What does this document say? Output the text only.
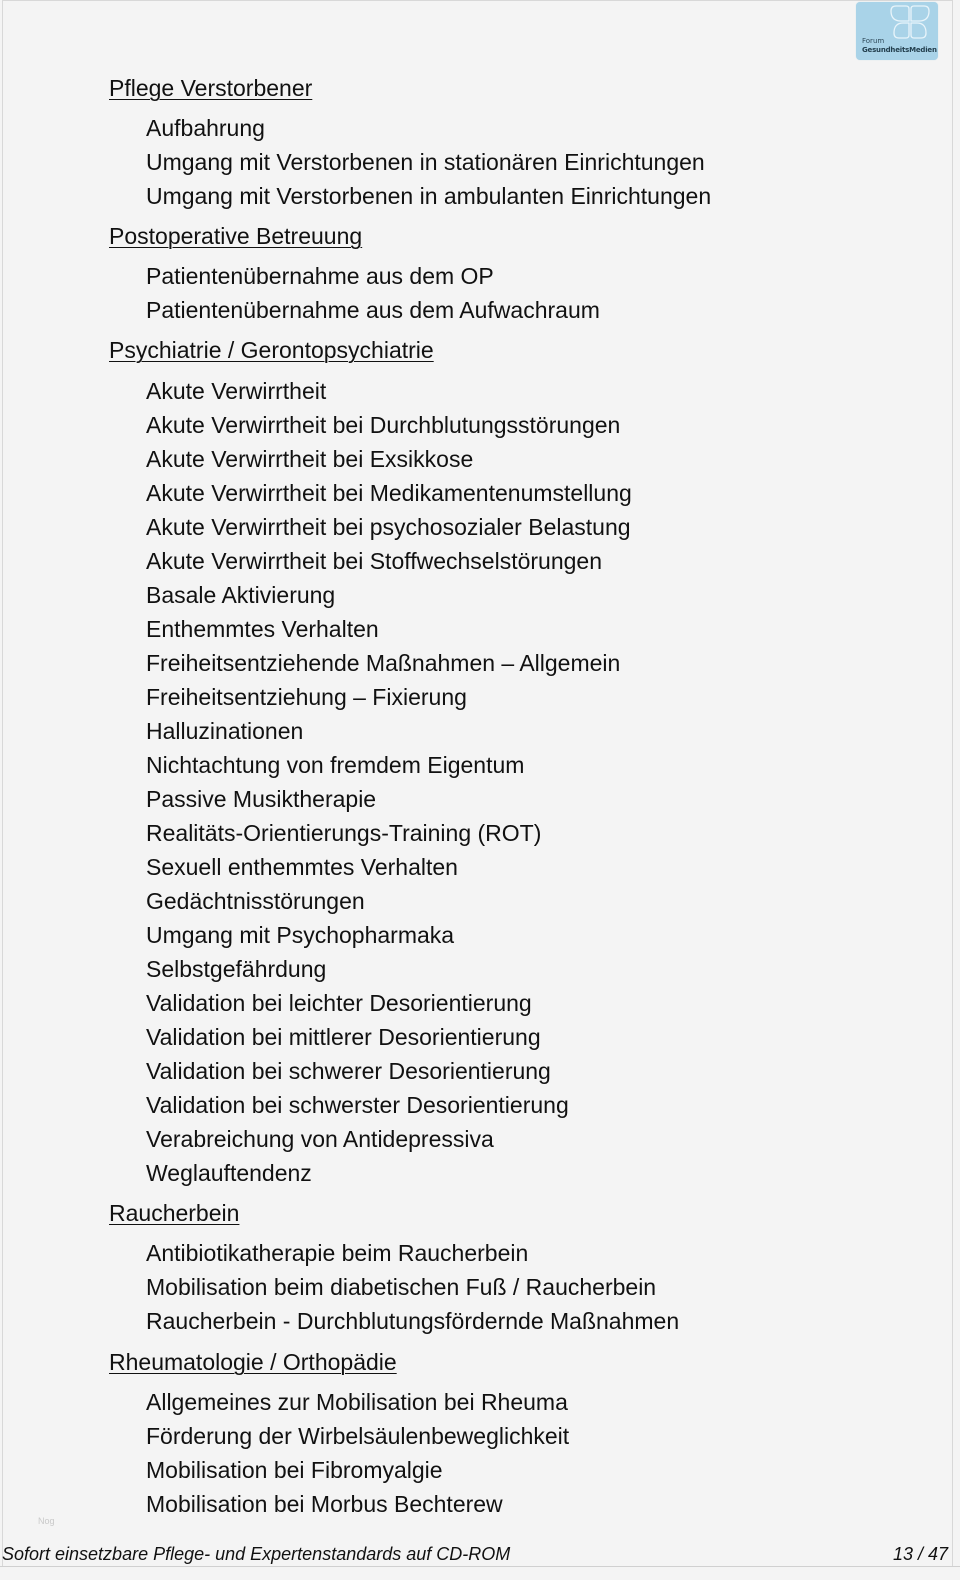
Forum
GesundheitsMedien
Pflege Verstorbener
Aufbahrung
Umgang mit Verstorbenen in stationären Einrichtungen
Umgang mit Verstorbenen in ambulanten Einrichtungen
Postoperative Betreuung
Patientenübernahme aus dem OP
Patientenübernahme aus dem Aufwachraum
Psychiatrie / Gerontopsychiatrie
Akute Verwirrtheit
Akute Verwirrtheit bei Durchblutungsstörungen
Akute Verwirrtheit bei Exsikkose
Akute Verwirrtheit bei Medikamentenumstellung
Akute Verwirrtheit bei psychosozialer Belastung
Akute Verwirrtheit bei Stoffwechselstörungen
Basale Aktivierung
Enthemmtes Verhalten
Freiheitsentziehende Maßnahmen – Allgemein
Freiheitsentziehung – Fixierung
Halluzinationen
Nichtachtung von fremdem Eigentum
Passive Musiktherapie
Realitäts-Orientierungs-Training (ROT)
Sexuell enthemmtes Verhalten
Gedächtnisstörungen
Umgang mit Psychopharmaka
Selbstgefährdung
Validation bei leichter Desorientierung
Validation bei mittlerer Desorientierung
Validation bei schwerer Desorientierung
Validation bei schwerster Desorientierung
Verabreichung von Antidepressiva
Weglauftendenz
Raucherbein
Antibiotikatherapie beim Raucherbein
Mobilisation beim diabetischen Fuß / Raucherbein
Raucherbein - Durchblutungsfördernde Maßnahmen
Rheumatologie / Orthopädie
Allgemeines zur Mobilisation bei Rheuma
Förderung der Wirbelsäulenbeweglichkeit
Mobilisation bei Fibromyalgie
Mobilisation bei Morbus Bechterew
Nog
Sofort einsetzbare Pflege- und Expertenstandards auf CD-ROM	13 / 47
